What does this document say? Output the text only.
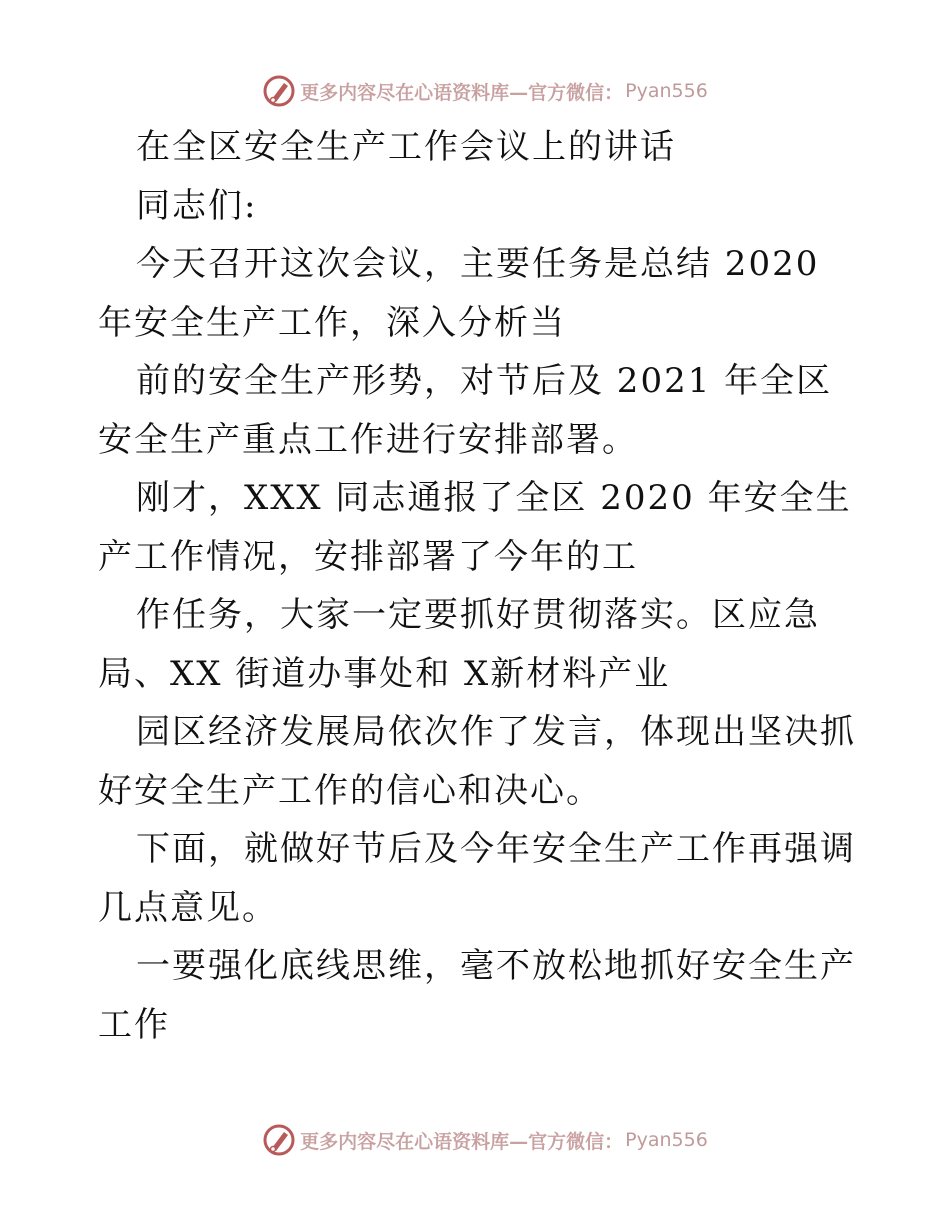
更多内容尽在心语资料库—官方微信： Pyan556

在全区安全生产工作会议上的讲话

同志们:

今天召开这次会议，主要任务是总结 2020 年安全生产工作，深入分析当

前的安全生产形势，对节后及 2021 年全区安全生产重点工作进行安排部署。

刚才，XXX 同志通报了全区 2020 年安全生产工作情况，安排部署了今年的工

作任务，大家一定要抓好贯彻落实。区应急局、XX 街道办事处和 X新材料产业

园区经济发展局依次作了发言，体现出坚决抓好安全生产工作的信心和决心。

下面，就做好节后及今年安全生产工作再强调几点意见。

一要强化底线思维，毫不放松地抓好安全生产工作

更多内容尽在心语资料库—官方微信： Pyan556
